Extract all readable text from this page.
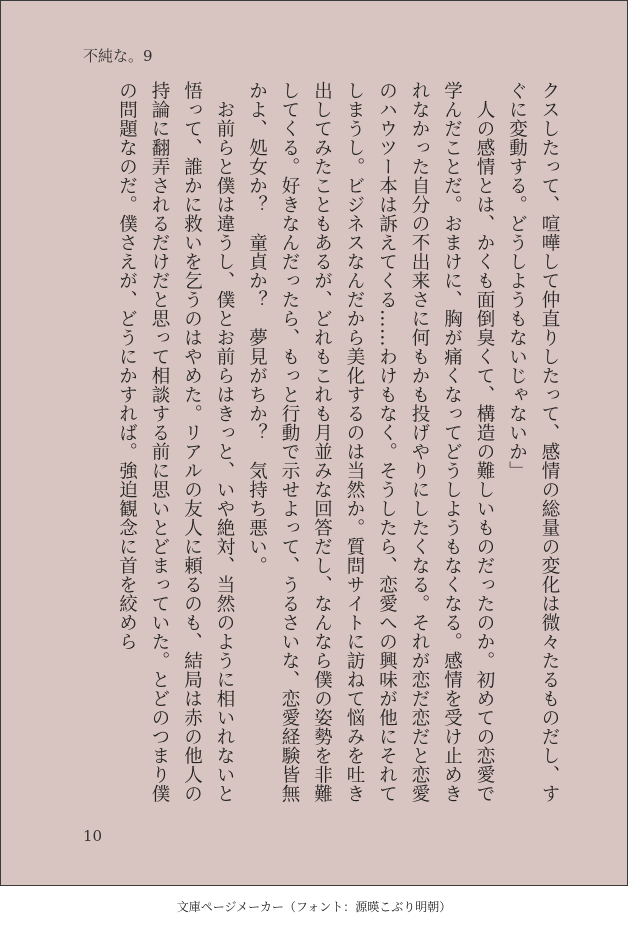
不純な。9

クスしたって、喧嘩して仲直りしたって、感情の総量の変化は微々たるものだし、すぐに変動する。どうしようもないじゃないか」

　人の感情とは、かくも面倒臭くて、構造の難しいものだったのか。初めての恋愛で学んだことだ。おまけに、胸が痛くなってどうしようもなくなる。感情を受け止めきれなかった自分の不出来さに何もかも投げやりにしたくなる。それが恋だ恋だと恋愛のハウツー本は訴えてくる……わけもなく。そうしたら、恋愛への興味が他にそれてしまうし。ビジネスなんだから美化するのは当然か。質問サイトに訪ねて悩みを吐き出してみたこともあるが、どれもこれも月並みな回答だし、なんなら僕の姿勢を非難してくる。好きなんだったら、もっと行動で示せよって、うるさいな、恋愛経験皆無かよ、処女か？　童貞か？　夢見がちか？　気持ち悪い。

　お前らと僕は違うし、僕とお前らはきっと、いや絶対、当然のように相いれないと悟って、誰かに救いを乞うのはやめた。リアルの友人に頼るのも、結局は赤の他人の持論に翻弄されるだけだと思って相談する前に思いとどまっていた。とどのつまり僕の問題なのだ。僕さえが、どうにかすれば。強迫観念に首を絞めら

10
文庫ページメーカー（フォント：源暎こぶり明朝）
